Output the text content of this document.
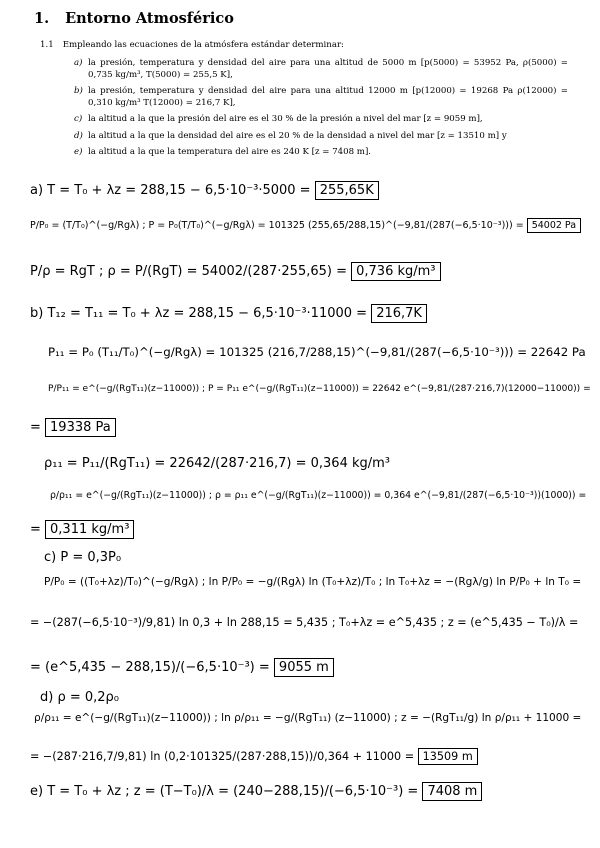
1. Entorno Atmosférico
1.1 Empleando las ecuaciones de la atmósfera estándar determinar:
a) la presión, temperatura y densidad del aire para una altitud de 5000 m [p(5000) = 53952 Pa, ρ(5000) = 0,735 kg/m³, T(5000) = 255,5 K],
b) la presión, temperatura y densidad del aire para una altitud 12000 m [p(12000) = 19268 Pa ρ(12000) = 0,310 kg/m³ T(12000) = 216,7 K],
c) la altitud a la que la presión del aire es el 30 % de la presión a nivel del mar [z = 9059 m],
d) la altitud a la que la densidad del aire es el 20 % de la densidad a nivel del mar [z = 13510 m] y
e) la altitud a la que la temperatura del aire es 240 K [z = 7408 m].
a) T = T₀ + λz = 288,15 − 6,5·10⁻³·5000 = 255,65K
P/P₀ = (T/T₀)^(−g/Rgλ) ; P = P₀(T/T₀)^(−g/Rgλ) = 101325 (255,65/288,15)^(−9,81/(287(−6,5·10⁻³))) = 54002 Pa
P/ρ = RgT ; ρ = P/(RgT) = 54002/(287·255,65) = 0,736 kg/m³
b) T₁₂ = T₁₁ = T₀ + λz = 288,15 − 6,5·10⁻³·11000 = 216,7K
P₁₁ = P₀ (T₁₁/T₀)^(−g/Rgλ) = 101325 (216,7/288,15)^(−9,81/(287(−6,5·10⁻³))) = 22642 Pa
P/P₁₁ = e^(−g/(RgT₁₁)(z−11000)) ; P = P₁₁ e^(−g/(RgT₁₁)(z−11000)) = 22642 e^(−9,81/(287·216,7)(12000−11000)) =
= 19338 Pa
ρ₁₁ = P₁₁/(RgT₁₁) = 22642/(287·216,7) = 0,364 kg/m³
ρ/ρ₁₁ = e^(−g/(RgT₁₁)(z−11000)) ; ρ = ρ₁₁ e^(−g/(RgT₁₁)(z−11000)) = 0,364 e^(−9,81/(287(−6,5·10⁻³))(1000)) =
= 0,311 kg/m³
c) P = 0,3P₀
P/P₀ = ((T₀+λz)/T₀)^(−g/Rgλ) ; ln P/P₀ = −g/(Rgλ) ln (T₀+λz)/T₀ ; ln T₀+λz = −(Rgλ/g) ln P/P₀ + ln T₀ =
= −(287(−6,5·10⁻³)/9,81) ln 0,3 + ln 288,15 = 5,435 ; T₀+λz = e^5,435 ; z = (e^5,435 − T₀)/λ =
= (e^5,435 − 288,15)/(−6,5·10⁻³) = 9055 m
d) ρ = 0,2ρ₀
ρ/ρ₁₁ = e^(−g/(RgT₁₁)(z−11000)) ; ln ρ/ρ₁₁ = −g/(RgT₁₁) (z−11000) ; z = −(RgT₁₁/g) ln ρ/ρ₁₁ + 11000 =
= −(287·216,7/9,81) ln (0,2·101325/(287·288,15))/0,364 + 11000 = 13509 m
e) T = T₀ + λz ; z = (T−T₀)/λ = (240−288,15)/(−6,5·10⁻³) = 7408 m
